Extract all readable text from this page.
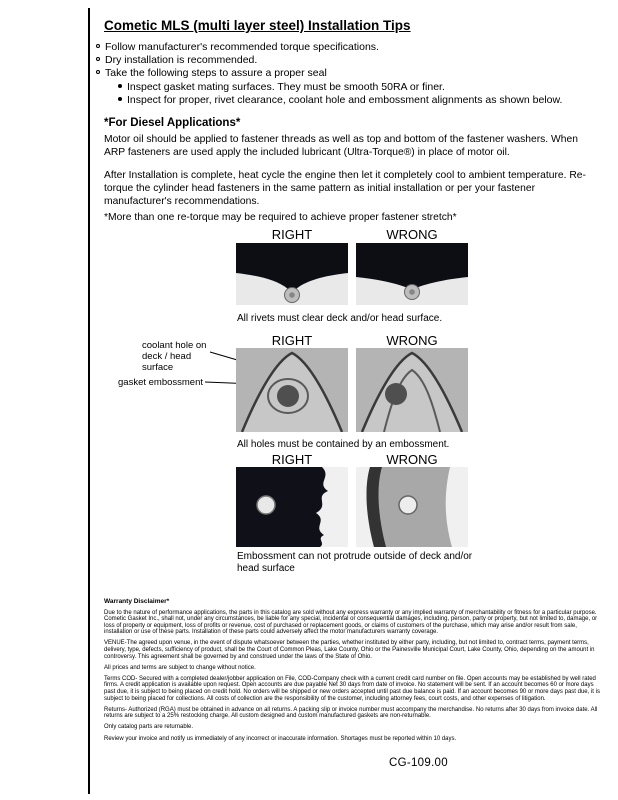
Cometic MLS (multi layer steel) Installation Tips
Follow manufacturer's recommended torque specifications.
Dry installation is recommended.
Take the following steps to assure a proper seal
Inspect gasket mating surfaces. They must be smooth 50RA or finer.
Inspect for proper, rivet clearance, coolant hole and embossment alignments as shown below.
*For Diesel Applications*
Motor oil should be applied to fastener threads as well as top and bottom of the fastener washers. When ARP fasteners are used apply the included lubricant (Ultra-Torque®) in place of motor oil.
After Installation is complete, heat cycle the engine then let it completely cool to ambient temperature. Re-torque the cylinder head fasteners in the same pattern as initial installation or per your fastener manufacturer's recommendations.
*More than one re-torque may be required to achieve proper fastener stretch*
RIGHT	WRONG
All rivets must clear deck and/or head surface.
RIGHT	WRONG
coolant hole on deck / head surface
gasket embossment
All holes must be contained by an embossment.
RIGHT	WRONG
Embossment can not protrude outside of deck and/or head surface
Warranty Disclaimer*

Due to the nature of performance applications, the parts in this catalog are sold without any express warranty or any implied warranty of merchantability or fitness for a particular purpose. Cometic Gasket Inc., shall not, under any circumstances, be liable for any special, incidental or consequential damages, including, person, party or property, but not limited to, damage, or loss of property or equipment, loss of profits or revenue, cost of purchased or replacement goods, or claims of customers of the purchase, which may arise and/or result from sale, installation or use of these parts. Installation of these parts could adversely affect the motor manufacturers warranty coverage.

VENUE-The agreed upon venue, in the event of dispute whatsoever between the parties, whether instituted by either party, including, but not limited to, contract terms, payment terms, delivery, type, defects, sufficiency of product, shall be the Court of Common Pleas, Lake County, Ohio or the Painesville Municipal Court, Lake County, Ohio, depending on the amount in controversy. This agreement shall be governed by and construed under the laws of the State of Ohio.

All prices and terms are subject to change without notice.

Terms COD- Secured with a completed dealer/jobber application on File, COD-Company check with a current credit card number on file. Open accounts may be established by well rated firms. A credit application is available upon request. Open accounts are due payable Net 30 days from date of invoice. No statement will be sent. If an account becomes 60 or more days past due, it is subject to being placed on credit hold. No orders will be shipped or new orders accepted until past due balance is paid. If an account becomes 90 or more days past due, it is subject to being placed for collections. All costs of collection are the responsibility of the customer, including attorney fees, court costs, and other expenses of litigation.

Returns- Authorized (RGA) must be obtained in advance on all returns. A packing slip or invoice number must accompany the merchandise. No returns after 30 days from invoice date. All returns are subject to a 25% restocking charge. All custom designed and custom manufactured gaskets are non-returnable.

Only catalog parts are returnable.

Review your invoice and notify us immediately of any incorrect or inaccurate information. Shortages must be reported within 10 days.

CG-109.00
